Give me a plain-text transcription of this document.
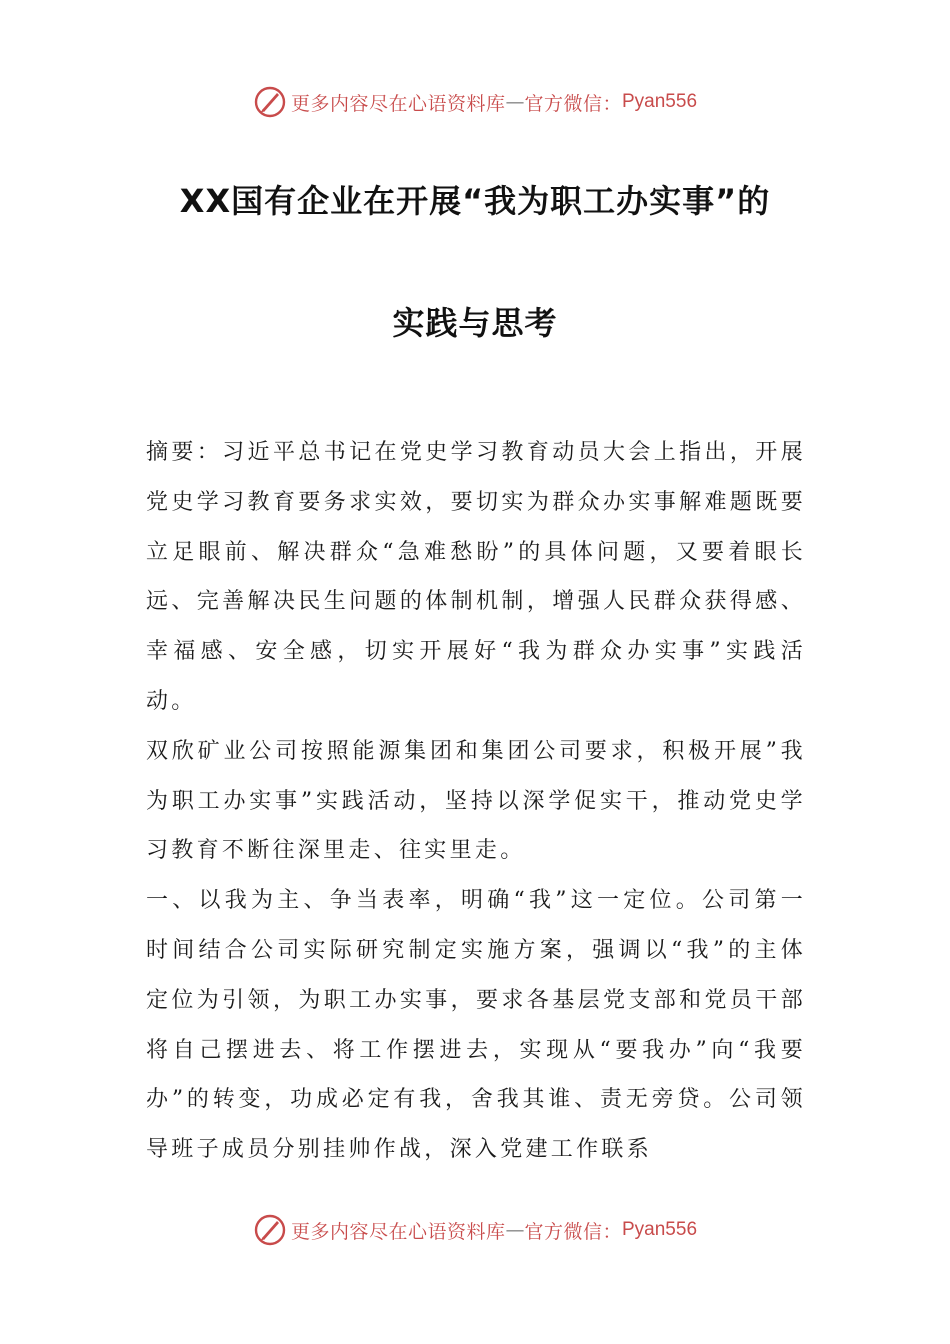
更多内容尽在心语资料库 — 官方微信： Pyan556
XX国有企业在开展“我为职工办实事”的
实践与思考

摘要：习近平总书记在党史学习教育动员大会上指出，开展党史学习教育要务求实效，要切实为群众办实事解难题既要立足眼前、解决群众“急难愁盼”的具体问题，又要着眼长远、完善解决民生问题的体制机制，增强人民群众获得感、幸福感、安全感，切实开展好“我为群众办实事”实践活动。

双欣矿业公司按照能源集团和集团公司要求，积极开展”我为职工办实事”实践活动，坚持以深学促实干，推动党史学习教育不断往深里走、往实里走。

一、以我为主、争当表率，明确“我”这一定位。公司第一时间结合公司实际研究制定实施方案，强调以“我”的主体定位为引领，为职工办实事，要求各基层党支部和党员干部将自己摆进去、将工作摆进去，实现从“要我办”向“我要办”的转变，功成必定有我，舍我其谁、责无旁贷。公司领导班子成员分别挂帅作战，深入党建工作联系

更多内容尽在心语资料库 — 官方微信： Pyan556
